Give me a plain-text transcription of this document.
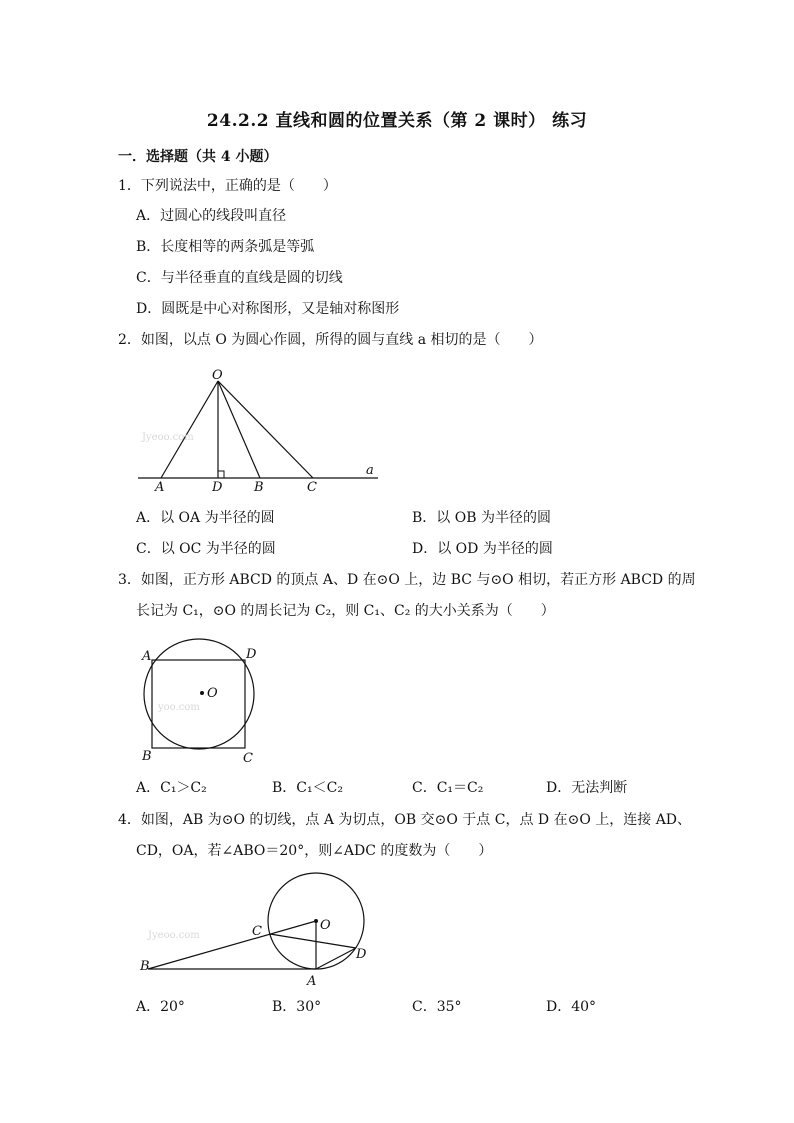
24.2.2 直线和圆的位置关系（第 2 课时） 练习
一．选择题（共 4 小题）
1．下列说法中，正确的是（　　）
A．过圆心的线段叫直径
B．长度相等的两条弧是等弧
C．与半径垂直的直线是圆的切线
D．圆既是中心对称图形，又是轴对称图形
2．如图，以点 O 为圆心作圆，所得的圆与直线 a 相切的是（　　）
Jyeoo.com
O
A	D B	C
a
A．以 OA 为半径的圆	B．以 OB 为半径的圆
C．以 OC 为半径的圆	D．以 OD 为半径的圆
3．如图，正方形 ABCD 的顶点 A、D 在⊙O 上，边 BC 与⊙O 相切，若正方形 ABCD 的周
长记为 C₁，⊙O 的周长记为 C₂，则 C₁、C₂ 的大小关系为（　　）
yoo.com
A	D
O
B	C
A．C₁＞C₂	B．C₁＜C₂	C．C₁＝C₂	D．无法判断
4．如图，AB 为⊙O 的切线，点 A 为切点，OB 交⊙O 于点 C，点 D 在⊙O 上，连接 AD、
CD，OA，若∠ABO＝20°，则∠ADC 的度数为（　　）
Jyeoo.com
O
C
D
B
A
A．20°	B．30°	C．35°	D．40°
